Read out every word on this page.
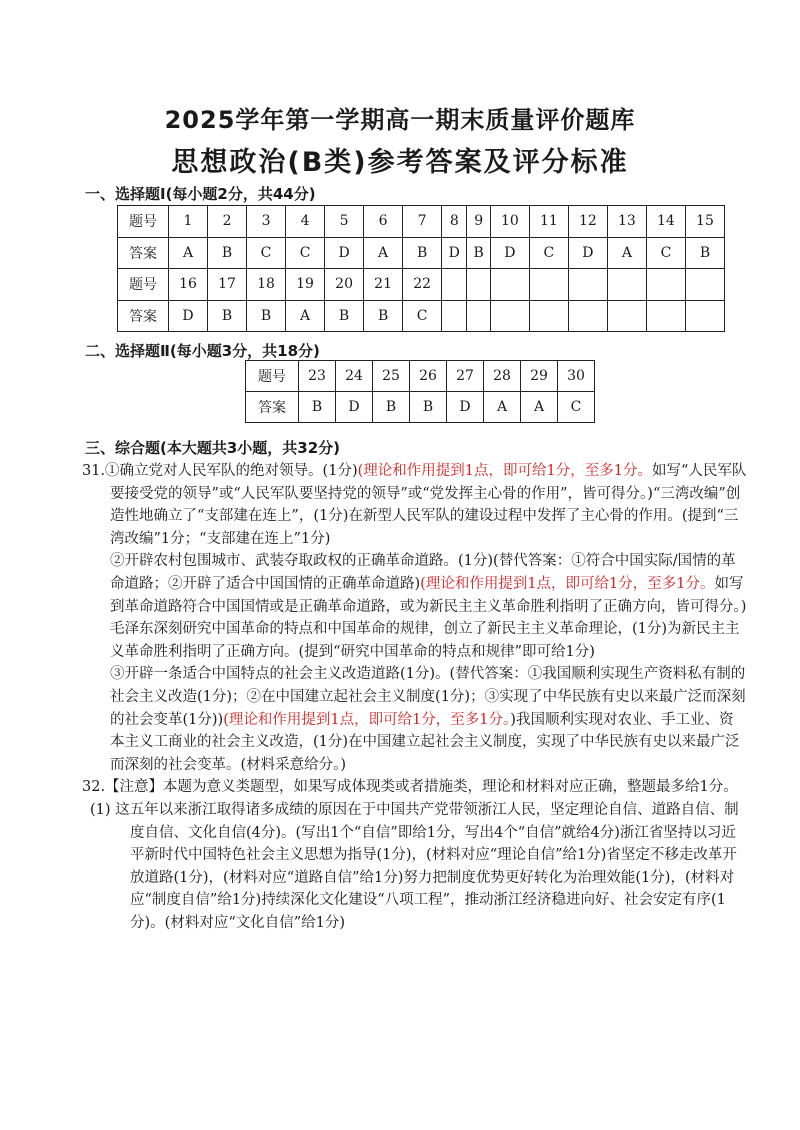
2025学年第一学期高一期末质量评价题库
思想政治(B类)参考答案及评分标准
一、选择题Ⅰ(每小题2分，共44分)
题号	1	2	3	4	5	6	7	8	9	10	11	12	13	14	15
答案	A	B	C	C	D	A	B	D	B	D	C	D	A	C	B
题号	16	17	18	19	20	21	22								
答案	D	B	B	A	B	B	C								
二、选择题Ⅱ(每小题3分，共18分)
题号	23	24	25	26	27	28	29	30
答案	B	D	B	B	D	A	A	C
三、综合题(本大题共3小题，共32分)

31.①确立党对人民军队的绝对领导。(1分)(理论和作用提到1点，即可给1分，至多1分。如写“人民军队要接受党的领导”或“人民军队要坚持党的领导”或“党发挥主心骨的作用”，皆可得分。)“三湾改编”创造性地确立了“支部建在连上”，(1分)在新型人民军队的建设过程中发挥了主心骨的作用。(提到“三湾改编”1分；“支部建在连上”1分)

②开辟农村包围城市、武装夺取政权的正确革命道路。(1分)(替代答案：①符合中国实际/国情的革命道路；②开辟了适合中国国情的正确革命道路)(理论和作用提到1点，即可给1分，至多1分。如写到革命道路符合中国国情或是正确革命道路，或为新民主主义革命胜利指明了正确方向，皆可得分。)毛泽东深刻研究中国革命的特点和中国革命的规律，创立了新民主主义革命理论，(1分)为新民主主义革命胜利指明了正确方向。(提到“研究中国革命的特点和规律”即可给1分)

③开辟一条适合中国特点的社会主义改造道路(1分)。(替代答案：①我国顺利实现生产资料私有制的社会主义改造(1分)；②在中国建立起社会主义制度(1分)；③实现了中华民族有史以来最广泛而深刻的社会变革(1分))(理论和作用提到1点，即可给1分，至多1分。)我国顺利实现对农业、手工业、资本主义工商业的社会主义改造，(1分)在中国建立起社会主义制度，实现了中华民族有史以来最广泛而深刻的社会变革。(材料采意给分。)

32.【注意】本题为意义类题型，如果写成体现类或者措施类，理论和材料对应正确，整题最多给1分。

(1) 这五年以来浙江取得诸多成绩的原因在于中国共产党带领浙江人民，坚定理论自信、道路自信、制度自信、文化自信(4分)。(写出1个“自信”即给1分，写出4个“自信”就给4分)浙江省坚持以习近平新时代中国特色社会主义思想为指导(1分)，(材料对应“理论自信”给1分)省坚定不移走改革开放道路(1分)，(材料对应“道路自信”给1分)努力把制度优势更好转化为治理效能(1分)，(材料对应“制度自信”给1分)持续深化文化建设“八项工程”，推动浙江经济稳进向好、社会安定有序(1分)。(材料对应“文化自信”给1分)
